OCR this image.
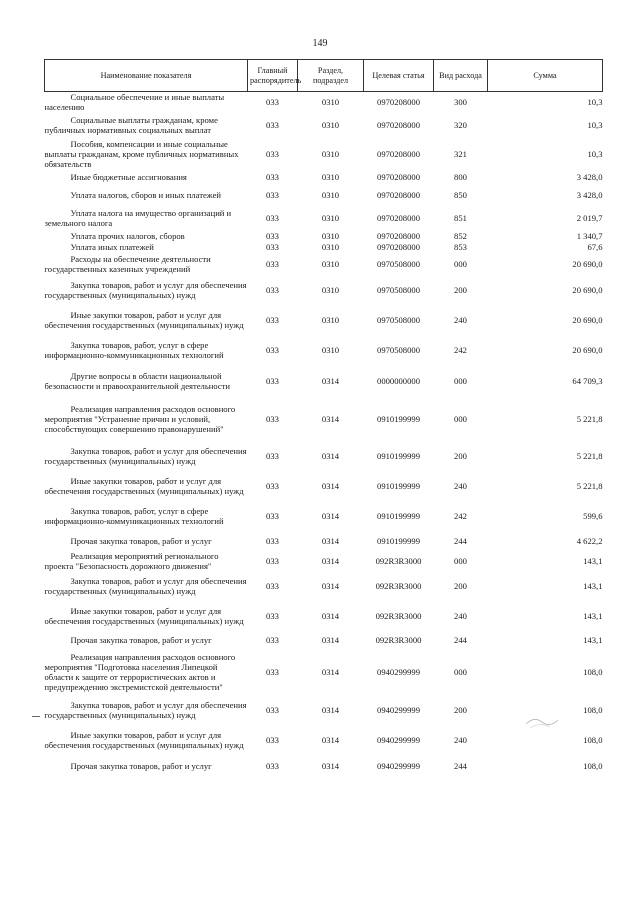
149
Наименование показателя	Главный распорядитель	Раздел, подраздел	Целевая статья	Вид расхода	Сумма
Социальное обеспечение и иные выплаты населению	033	0310	0970208000	300	10,3
Социальные выплаты гражданам, кроме публичных нормативных социальных выплат	033	0310	0970208000	320	10,3
Пособия, компенсации и иные социальные выплаты гражданам, кроме публичных нормативных обязательств	033	0310	0970208000	321	10,3
Иные бюджетные ассигнования	033	0310	0970208000	800	3 428,0
Уплата налогов, сборов и иных платежей	033	0310	0970208000	850	3 428,0
Уплата налога на имущество организаций и земельного налога	033	0310	0970208000	851	2 019,7
Уплата прочих налогов, сборов	033	0310	0970208000	852	1 340,7
Уплата иных платежей	033	0310	0970208000	853	67,6
Расходы на обеспечение деятельности государственных казенных учреждений	033	0310	0970508000	000	20 690,0
Закупка товаров, работ и услуг для обеспечения государственных (муниципальных) нужд	033	0310	0970508000	200	20 690,0
Иные закупки товаров, работ и услуг для обеспечения государственных (муниципальных) нужд	033	0310	0970508000	240	20 690,0
Закупка товаров, работ, услуг в сфере информационно-коммуникационных технологий	033	0310	0970508000	242	20 690,0
Другие вопросы в области национальной безопасности и правоохранительной деятельности	033	0314	0000000000	000	64 709,3
Реализация направления расходов основного мероприятия "Устранение причин и условий, способствующих совершению правонарушений"	033	0314	0910199999	000	5 221,8
Закупка товаров, работ и услуг для обеспечения государственных (муниципальных) нужд	033	0314	0910199999	200	5 221,8
Иные закупки товаров, работ и услуг для обеспечения государственных (муниципальных) нужд	033	0314	0910199999	240	5 221,8
Закупка товаров, работ, услуг в сфере информационно-коммуникационных технологий	033	0314	0910199999	242	599,6
Прочая закупка товаров, работ и услуг	033	0314	0910199999	244	4 622,2
Реализация мероприятий регионального проекта "Безопасность дорожного движения"	033	0314	092R3R3000	000	143,1
Закупка товаров, работ и услуг для обеспечения государственных (муниципальных) нужд	033	0314	092R3R3000	200	143,1
Иные закупки товаров, работ и услуг для обеспечения государственных (муниципальных) нужд	033	0314	092R3R3000	240	143,1
Прочая закупка товаров, работ и услуг	033	0314	092R3R3000	244	143,1
Реализация направления расходов основного мероприятия "Подготовка населения Липецкой области к защите от террористических актов и предупреждению экстремистской деятельности"	033	0314	0940299999	000	108,0
Закупка товаров, работ и услуг для обеспечения государственных (муниципальных) нужд	033	0314	0940299999	200	108,0
Иные закупки товаров, работ и услуг для обеспечения государственных (муниципальных) нужд	033	0314	0940299999	240	108,0
Прочая закупка товаров, работ и услуг	033	0314	0940299999	244	108,0
